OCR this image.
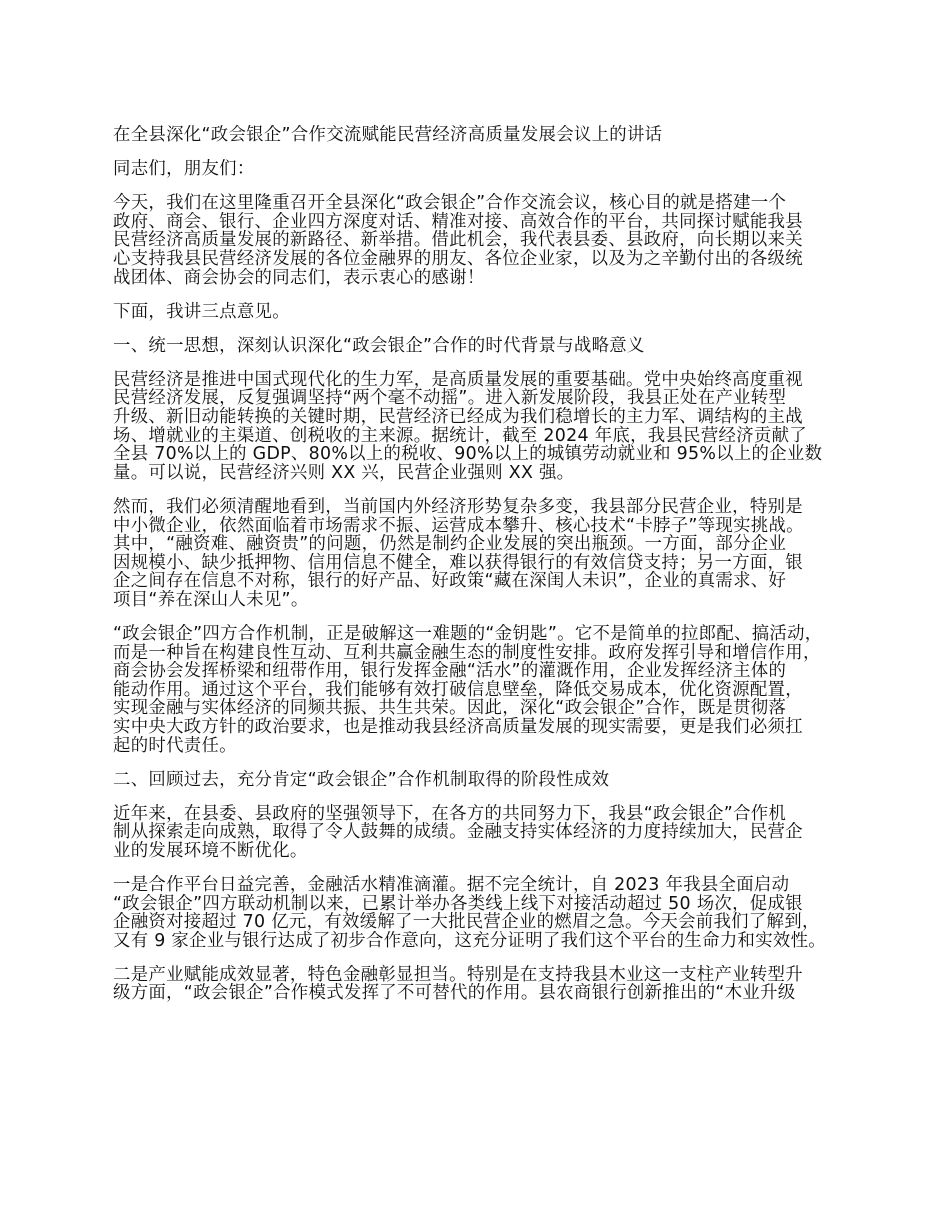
在全县深化“政会银企”合作交流赋能民营经济高质量发展会议上的讲话
同志们，朋友们：
今天，我们在这里隆重召开全县深化“政会银企”合作交流会议，核心目的就是搭建一个
政府、商会、银行、企业四方深度对话、精准对接、高效合作的平台，共同探讨赋能我县
民营经济高质量发展的新路径、新举措。借此机会，我代表县委、县政府，向长期以来关
心支持我县民营经济发展的各位金融界的朋友、各位企业家，以及为之辛勤付出的各级统
战团体、商会协会的同志们，表示衷心的感谢！
下面，我讲三点意见。
一、统一思想，深刻认识深化“政会银企”合作的时代背景与战略意义
民营经济是推进中国式现代化的生力军，是高质量发展的重要基础。党中央始终高度重视
民营经济发展，反复强调坚持“两个毫不动摇”。进入新发展阶段，我县正处在产业转型
升级、新旧动能转换的关键时期，民营经济已经成为我们稳增长的主力军、调结构的主战
场、增就业的主渠道、创税收的主来源。据统计，截至 2024 年底，我县民营经济贡献了
全县 70%以上的 GDP、80%以上的税收、90%以上的城镇劳动就业和 95%以上的企业数
量。可以说，民营经济兴则 XX 兴，民营企业强则 XX 强。
然而，我们必须清醒地看到，当前国内外经济形势复杂多变，我县部分民营企业，特别是
中小微企业，依然面临着市场需求不振、运营成本攀升、核心技术“卡脖子”等现实挑战。
其中，“融资难、融资贵”的问题，仍然是制约企业发展的突出瓶颈。一方面，部分企业
因规模小、缺少抵押物、信用信息不健全，难以获得银行的有效信贷支持；另一方面，银
企之间存在信息不对称，银行的好产品、好政策“藏在深闺人未识”，企业的真需求、好
项目“养在深山人未见”。
“政会银企”四方合作机制，正是破解这一难题的“金钥匙”。它不是简单的拉郎配、搞活动，
而是一种旨在构建良性互动、互利共赢金融生态的制度性安排。政府发挥引导和增信作用，
商会协会发挥桥梁和纽带作用，银行发挥金融“活水”的灌溉作用，企业发挥经济主体的
能动作用。通过这个平台，我们能够有效打破信息壁垒，降低交易成本，优化资源配置，
实现金融与实体经济的同频共振、共生共荣。因此，深化“政会银企”合作，既是贯彻落
实中央大政方针的政治要求，也是推动我县经济高质量发展的现实需要，更是我们必须扛
起的时代责任。
二、回顾过去，充分肯定“政会银企”合作机制取得的阶段性成效
近年来，在县委、县政府的坚强领导下，在各方的共同努力下，我县“政会银企”合作机
制从探索走向成熟，取得了令人鼓舞的成绩。金融支持实体经济的力度持续加大，民营企
业的发展环境不断优化。
一是合作平台日益完善，金融活水精准滴灌。据不完全统计，自 2023 年我县全面启动
“政会银企”四方联动机制以来，已累计举办各类线上线下对接活动超过 50 场次，促成银
企融资对接超过 70 亿元，有效缓解了一大批民营企业的燃眉之急。今天会前我们了解到，
又有 9 家企业与银行达成了初步合作意向，这充分证明了我们这个平台的生命力和实效性。
二是产业赋能成效显著，特色金融彰显担当。特别是在支持我县木业这一支柱产业转型升
级方面，“政会银企”合作模式发挥了不可替代的作用。县农商银行创新推出的“木业升级
